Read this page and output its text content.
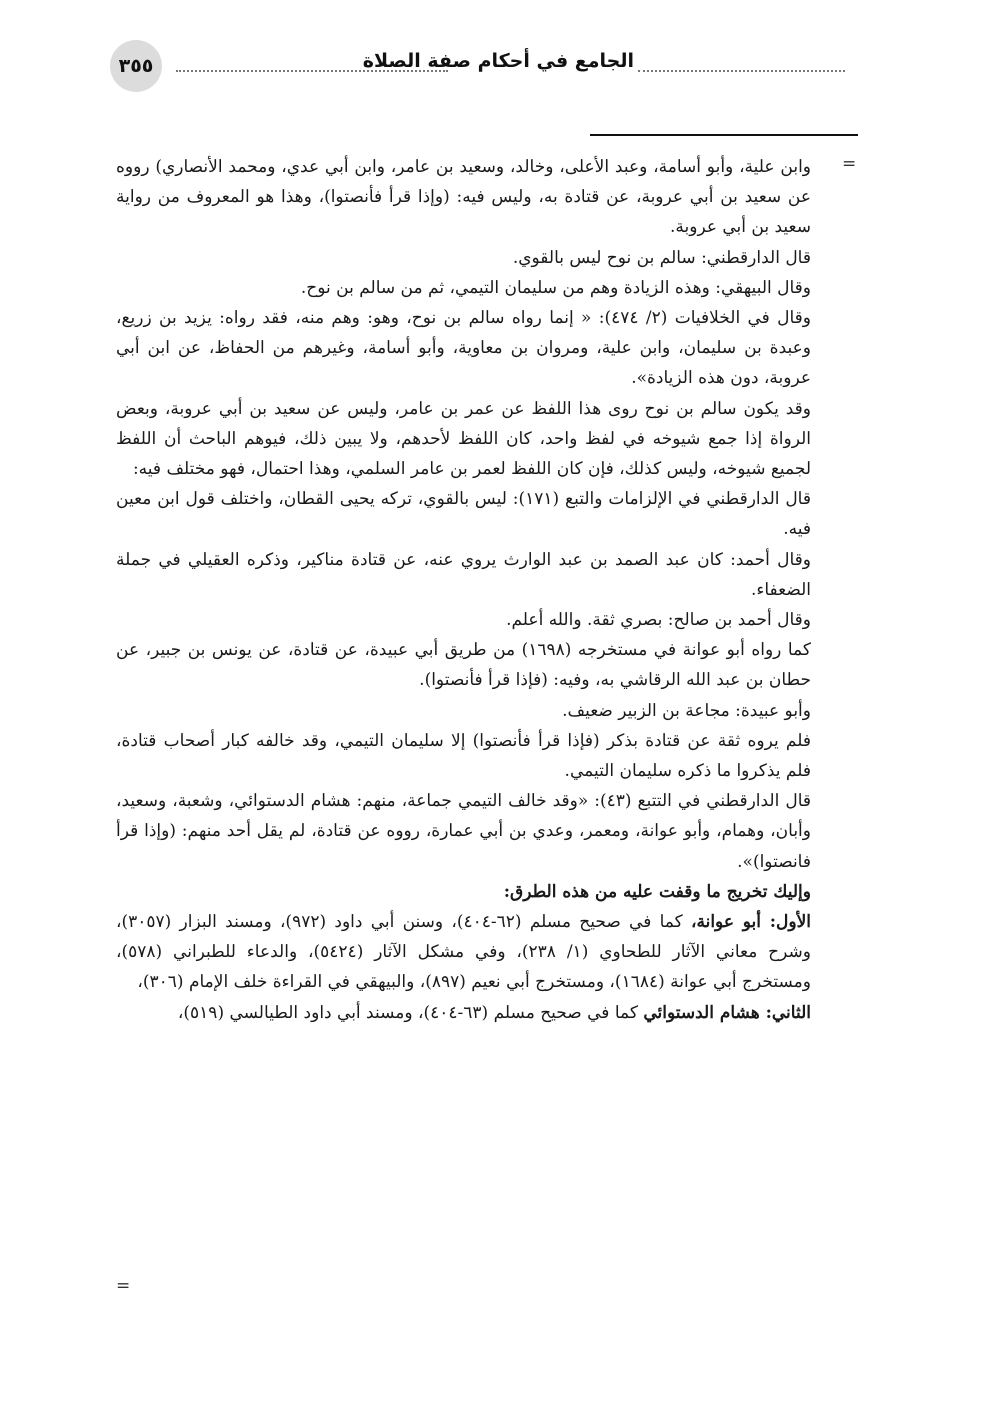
٣٥٥	الجامع في أحكام صفة الصلاة
=

وابن علية، وأبو أسامة، وعبد الأعلى، وخالد، وسعيد بن عامر، وابن أبي عدي، ومحمد الأنصاري) رووه عن سعيد بن أبي عروبة، عن قتادة به، وليس فيه: (وإذا قرأ فأنصتوا)، وهذا هو المعروف من رواية سعيد بن أبي عروبة.

قال الدارقطني: سالم بن نوح ليس بالقوي.

وقال البيهقي: وهذه الزيادة وهم من سليمان التيمي، ثم من سالم بن نوح.

وقال في الخلافيات (٢/ ٤٧٤): « إنما رواه سالم بن نوح، وهو: وهم منه، فقد رواه: يزيد بن زريع، وعبدة بن سليمان، وابن علية، ومروان بن معاوية، وأبو أسامة، وغيرهم من الحفاظ، عن ابن أبي عروبة، دون هذه الزيادة».

وقد يكون سالم بن نوح روى هذا اللفظ عن عمر بن عامر، وليس عن سعيد بن أبي عروبة، وبعض الرواة إذا جمع شيوخه في لفظ واحد، كان اللفظ لأحدهم، ولا يبين ذلك، فيوهم الباحث أن اللفظ لجميع شيوخه، وليس كذلك، فإن كان اللفظ لعمر بن عامر السلمي، وهذا احتمال، فهو مختلف فيه:

قال الدارقطني في الإلزامات والتبع (١٧١): ليس بالقوي، تركه يحيى القطان، واختلف قول ابن معين فيه.

وقال أحمد: كان عبد الصمد بن عبد الوارث يروي عنه، عن قتادة مناكير، وذكره العقيلي في جملة الضعفاء.

وقال أحمد بن صالح: بصري ثقة. والله أعلم.

كما رواه أبو عوانة في مستخرجه (١٦٩٨) من طريق أبي عبيدة، عن قتادة، عن يونس بن جبير، عن حطان بن عبد الله الرقاشي به، وفيه: (فإذا قرأ فأنصتوا).

وأبو عبيدة: مجاعة بن الزبير ضعيف.

فلم يروه ثقة عن قتادة بذكر (فإذا قرأ فأنصتوا) إلا سليمان التيمي، وقد خالفه كبار أصحاب قتادة، فلم يذكروا ما ذكره سليمان التيمي.

قال الدارقطني في التتبع (٤٣): «وقد خالف التيمي جماعة، منهم: هشام الدستوائي، وشعبة، وسعيد، وأبان، وهمام، وأبو عوانة، ومعمر، وعدي بن أبي عمارة، رووه عن قتادة، لم يقل أحد منهم: (وإذا قرأ فانصتوا)».

وإليك تخريج ما وقفت عليه من هذه الطرق:

الأول: أبو عوانة، كما في صحيح مسلم (٦٢-٤٠٤)، وسنن أبي داود (٩٧٢)، ومسند البزار (٣٠٥٧)، وشرح معاني الآثار للطحاوي (١/ ٢٣٨)، وفي مشكل الآثار (٥٤٢٤)، والدعاء للطبراني (٥٧٨)، ومستخرج أبي عوانة (١٦٨٤)، ومستخرج أبي نعيم (٨٩٧)، والبيهقي في القراءة خلف الإمام (٣٠٦)،

الثاني: هشام الدستوائي كما في صحيح مسلم (٦٣-٤٠٤)، ومسند أبي داود الطيالسي (٥١٩)،

=
